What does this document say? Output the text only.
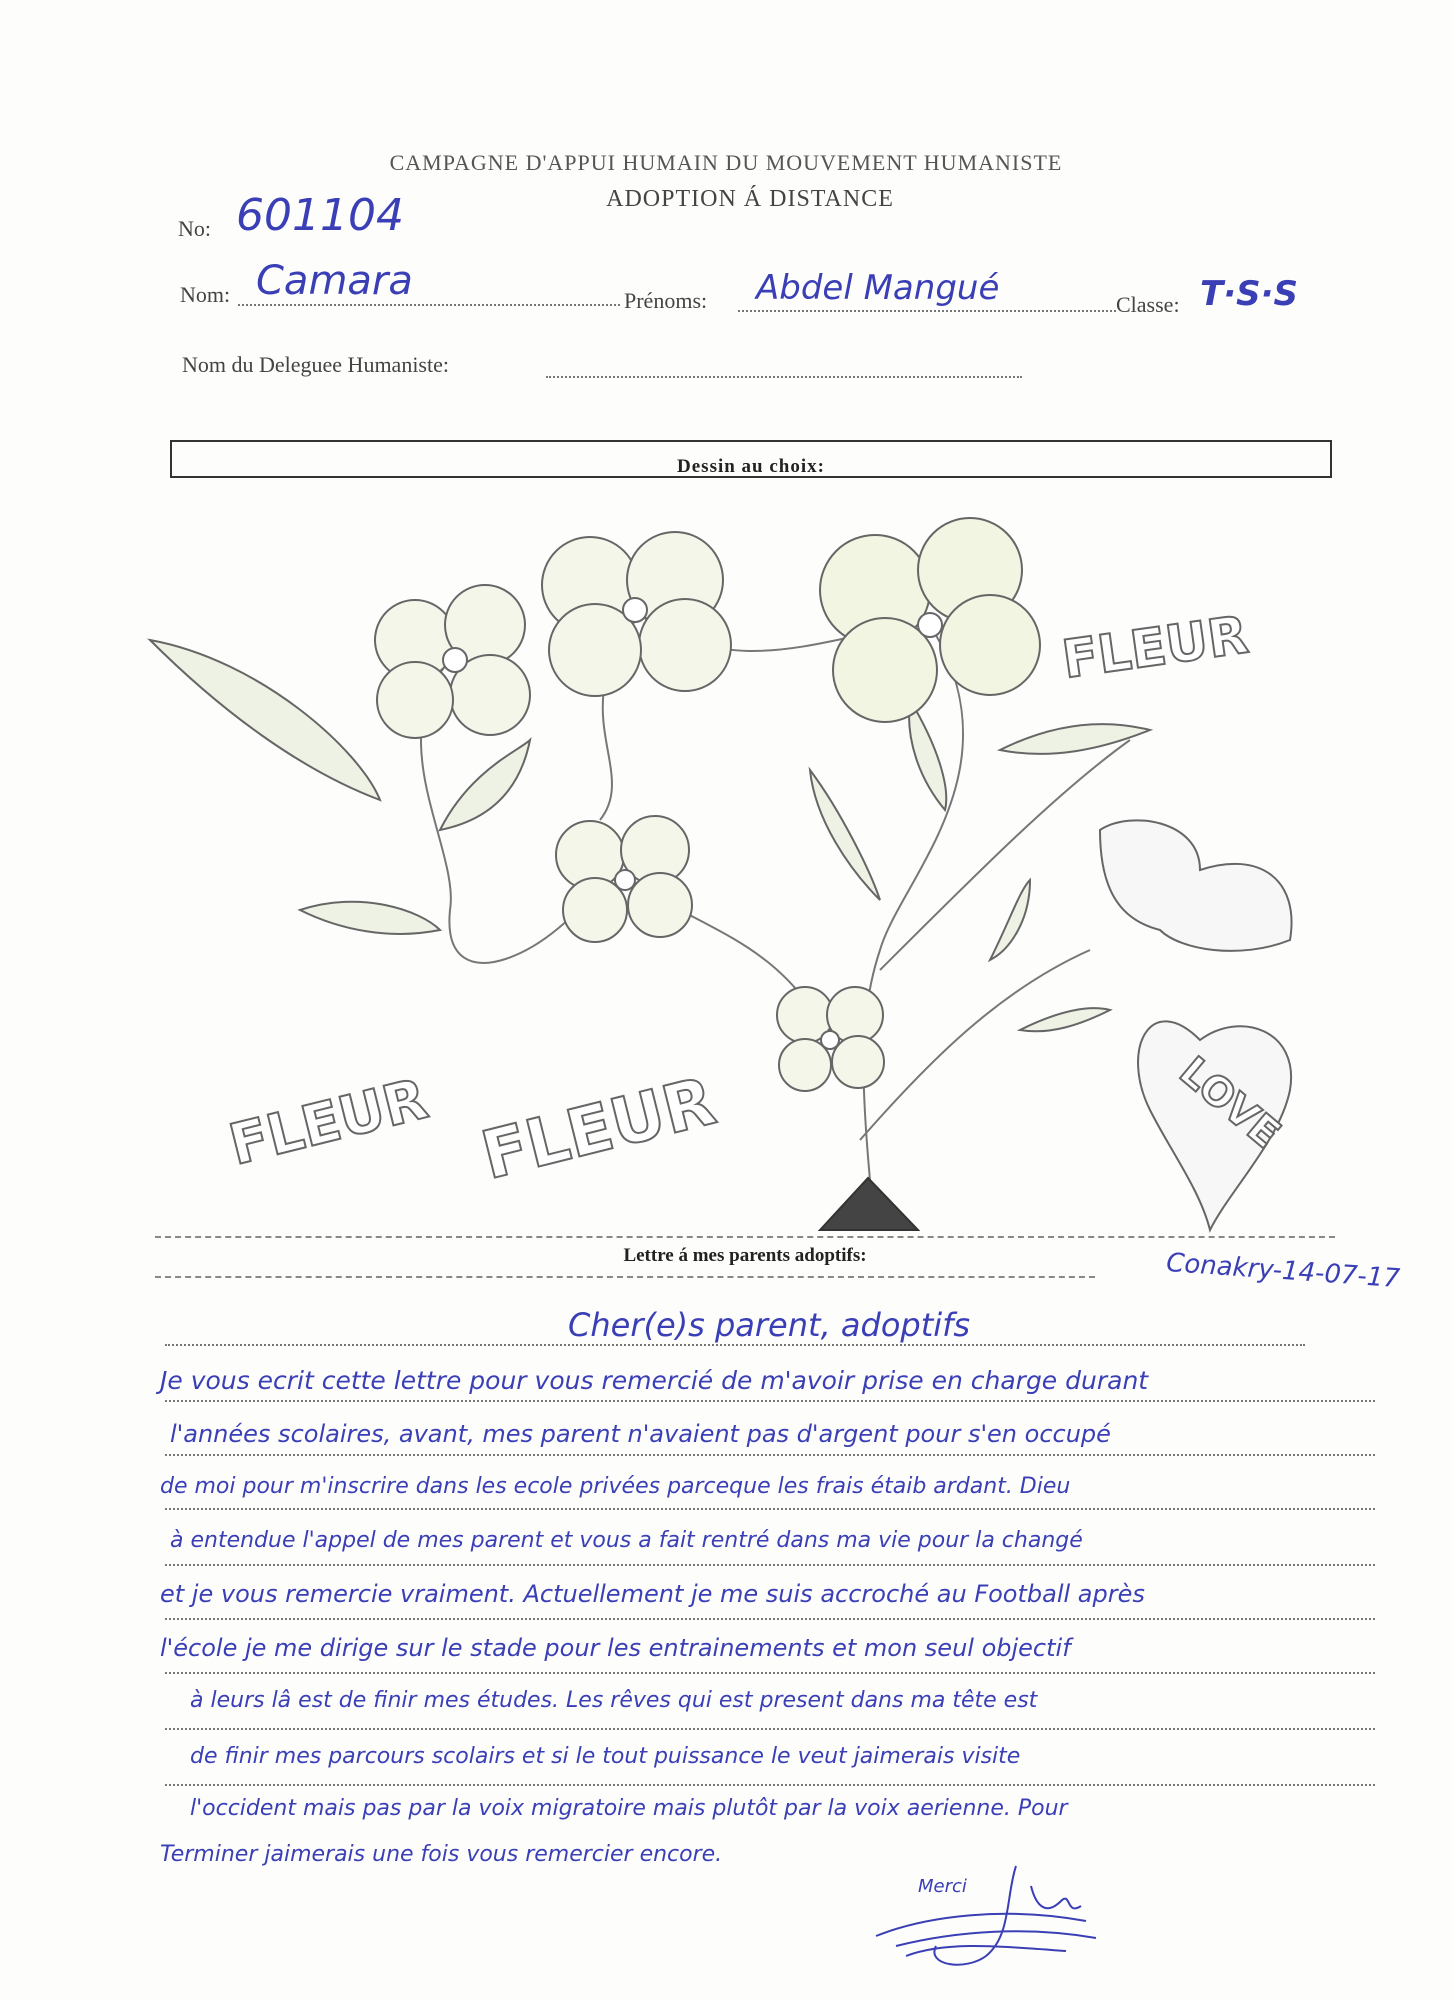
CAMPAGNE D'APPUI HUMAIN DU MOUVEMENT HUMANISTE
ADOPTION Á DISTANCE
No: 601104
Nom: Camara	Prénoms: Abdel Mangué	Classe: T·S·S
Nom du Deleguee Humaniste:
Dessin au choix:
FLEUR
FLEUR FLEUR	LOVE
Lettre á mes parents adoptifs:	Conakry-14-07-17
Cher(e)s parent, adoptifs
Je vous ecrit cette lettre pour vous remercié de m'avoir prise en charge durant
l'années scolaires, avant, mes parent n'avaient pas d'argent pour s'en occupé
de moi pour m'inscrire dans les ecole privées parceque les frais étaib ardant. Dieu
à entendue l'appel de mes parent et vous a fait rentré dans ma vie pour la changé
et je vous remercie vraiment. Actuellement je me suis accroché au Football après
l'école je me dirige sur le stade pour les entrainements et mon seul objectif
à leurs lâ est de finir mes études. Les rêves qui est present dans ma tête est
de finir mes parcours scolairs et si le tout puissance le veut jaimerais visite
l'occident mais pas par la voix migratoire mais plutôt par la voix aerienne. Pour
Terminer jaimerais une fois vous remercier encore.
Merci
